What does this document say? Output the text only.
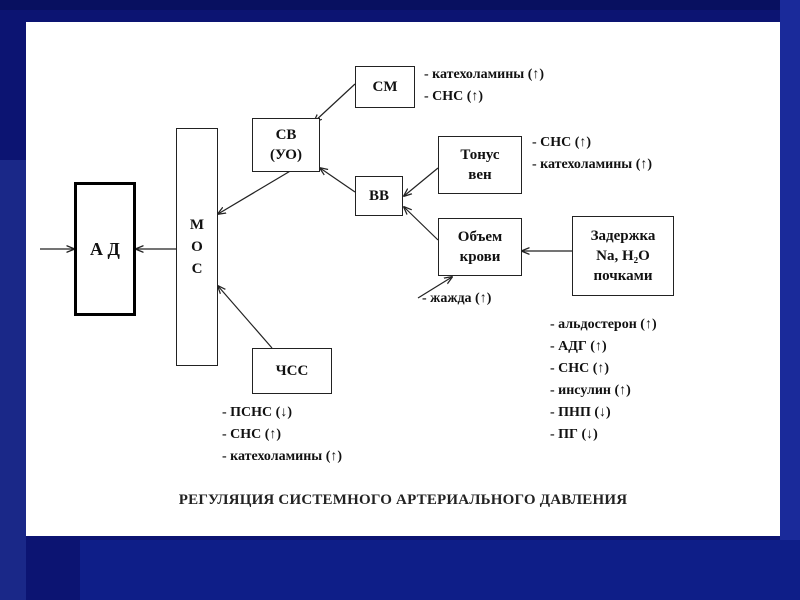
А Д
М
О
С
СВ
(УО)
СМ
ВВ
Тонус
вен
Объем
крови
Задержка
Na, H₂O
почками
ЧСС
- катехоламины (↑)
- СНС (↑)
- СНС (↑)
- катехоламины (↑)
- жажда (↑)
- альдостерон (↑)
- АДГ (↑)
- СНС (↑)
- инсулин (↑)
- ПНП (↓)
- ПГ (↓)
- ПСНС (↓)
- СНС (↑)
- катехоламины (↑)
РЕГУЛЯЦИЯ СИСТЕМНОГО АРТЕРИАЛЬНОГО ДАВЛЕНИЯ
